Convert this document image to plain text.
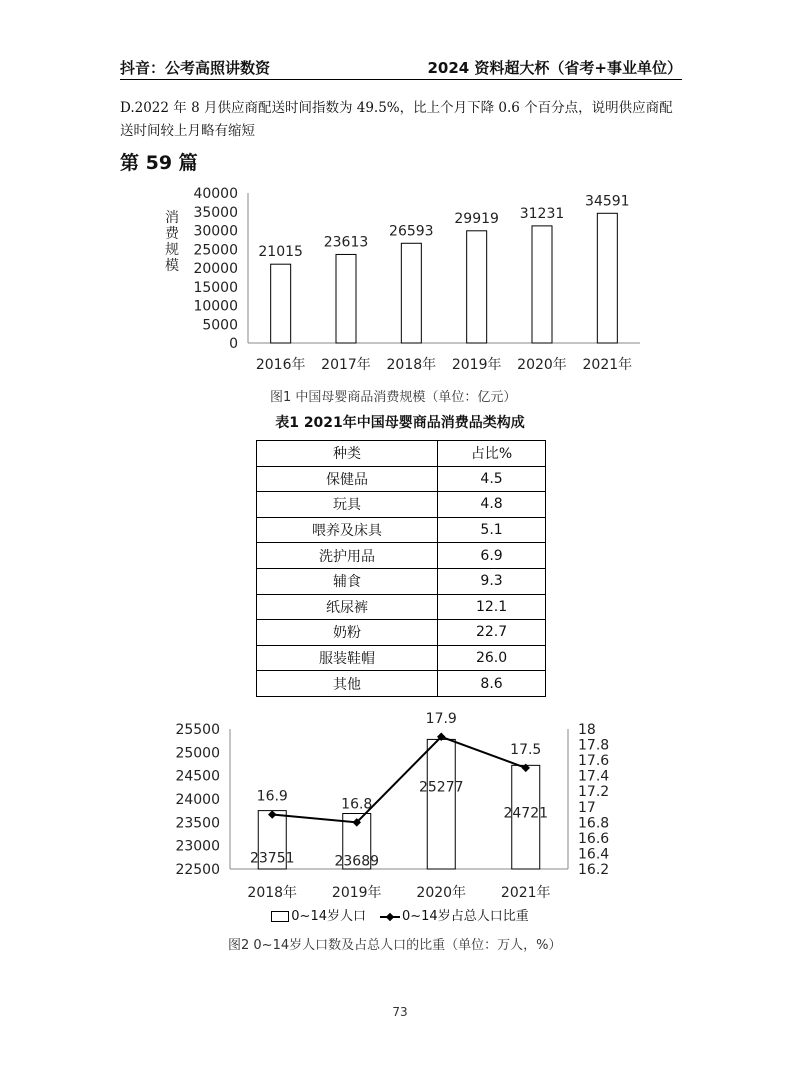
抖音：公考高照讲数资	2024 资料超大杯（省考+事业单位）
D.2022 年 8 月供应商配送时间指数为 49.5%，比上个月下降 0.6 个百分点，说明供应商配送时间较上月略有缩短
第 59 篇
0
5000
10000
15000
20000
25000
30000
35000
40000
消
费
规
模
21015
2016年
23613
2017年
26593
2018年
29919
2019年
31231
2020年
34591
2021年
图1 中国母婴商品消费规模（单位：亿元）
表1 2021年中国母婴商品消费品类构成
种类	占比%
保健品	4.5
玩具	4.8
喂养及床具	5.1
洗护用品	6.9
辅食	9.3
纸尿裤	12.1
奶粉	22.7
服装鞋帽	26.0
其他	8.6
22500
23000
23500
24000
24500
25000
25500
16.2
16.4
16.6
16.8
17
17.2
17.4
17.6
17.8
18
23751
2018年
23689
2019年
25277
2020年
24721
2021年
16.9	16.8
17.9
17.5
0~14岁人口	0~14岁占总人口比重
图2 0~14岁人口数及占总人口的比重（单位：万人，%）
73
